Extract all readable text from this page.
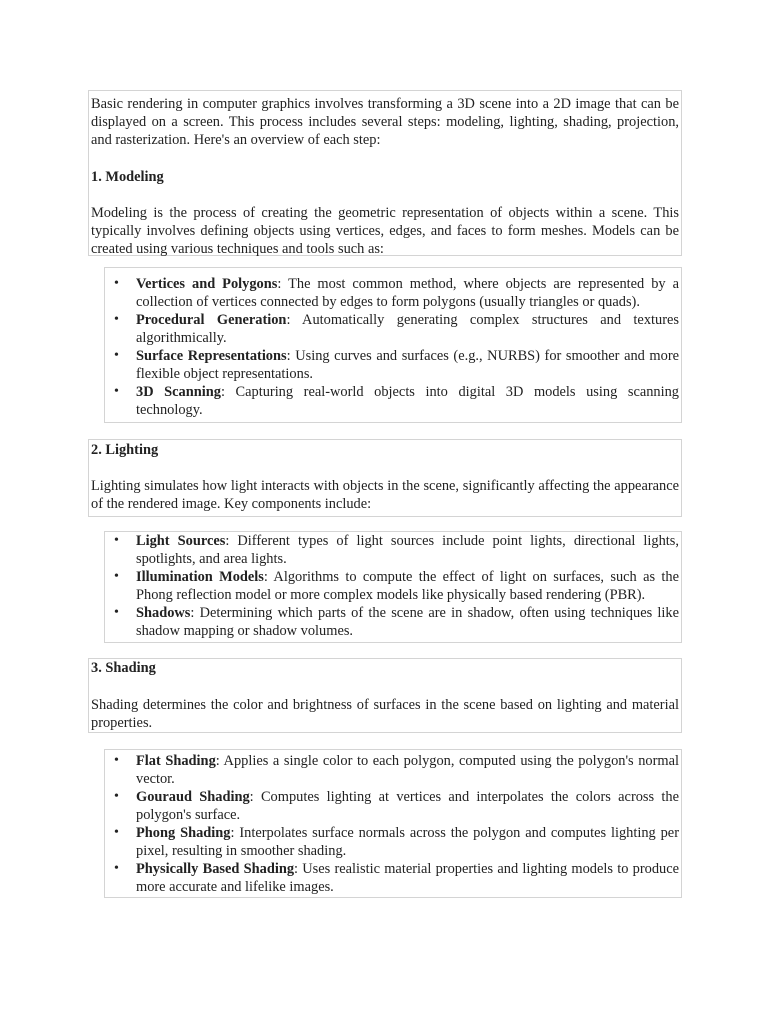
Basic rendering in computer graphics involves transforming a 3D scene into a 2D image that can be displayed on a screen. This process includes several steps: modeling, lighting, shading, projection, and rasterization. Here's an overview of each step:

1. Modeling

Modeling is the process of creating the geometric representation of objects within a scene. This typically involves defining objects using vertices, edges, and faces to form meshes. Models can be created using various techniques and tools such as:

• Vertices and Polygons: The most common method, where objects are represented by a collection of vertices connected by edges to form polygons (usually triangles or quads).
• Procedural Generation: Automatically generating complex structures and textures algorithmically.
• Surface Representations: Using curves and surfaces (e.g., NURBS) for smoother and more flexible object representations.
• 3D Scanning: Capturing real-world objects into digital 3D models using scanning technology.
2. Lighting

Lighting simulates how light interacts with objects in the scene, significantly affecting the appearance of the rendered image. Key components include:

• Light Sources: Different types of light sources include point lights, directional lights, spotlights, and area lights.
• Illumination Models: Algorithms to compute the effect of light on surfaces, such as the Phong reflection model or more complex models like physically based rendering (PBR).
• Shadows: Determining which parts of the scene are in shadow, often using techniques like shadow mapping or shadow volumes.
3. Shading

Shading determines the color and brightness of surfaces in the scene based on lighting and material properties.

• Flat Shading: Applies a single color to each polygon, computed using the polygon's normal vector.
• Gouraud Shading: Computes lighting at vertices and interpolates the colors across the polygon's surface.
• Phong Shading: Interpolates surface normals across the polygon and computes lighting per pixel, resulting in smoother shading.
• Physically Based Shading: Uses realistic material properties and lighting models to produce more accurate and lifelike images.
